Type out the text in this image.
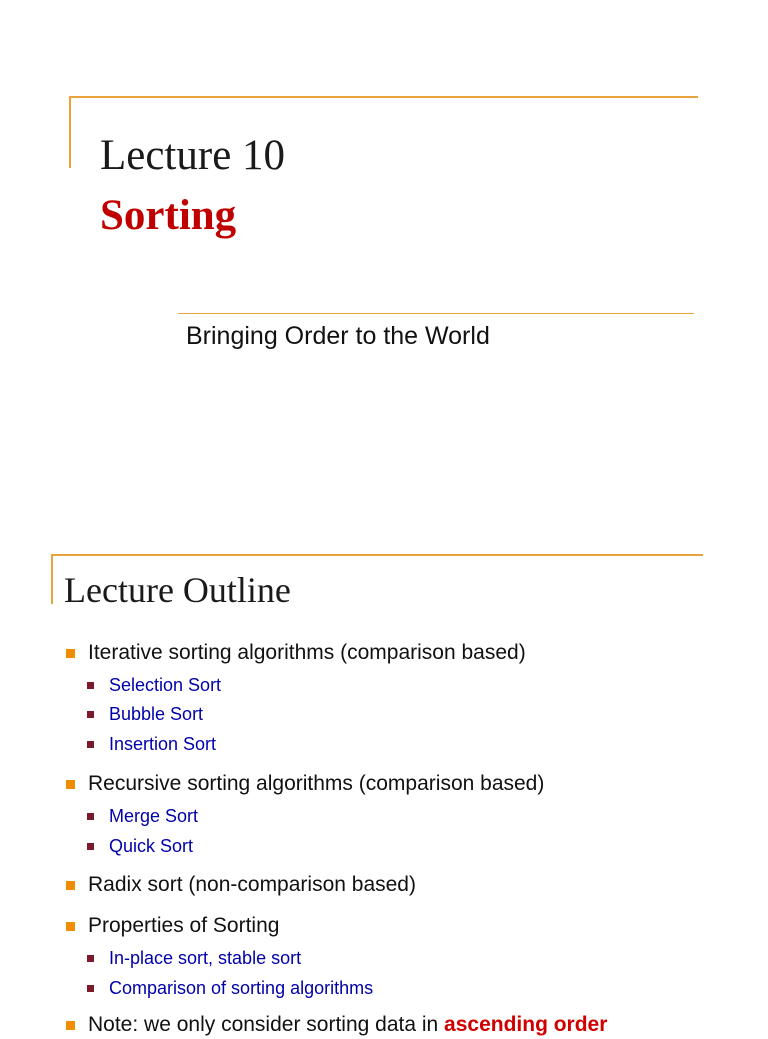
Lecture 10
Sorting

Bringing Order to the World

Lecture Outline
Iterative sorting algorithms (comparison based)
Selection Sort
Bubble Sort
Insertion Sort
Recursive sorting algorithms (comparison based)
Merge Sort
Quick Sort
Radix sort (non-comparison based)
Properties of Sorting
In-place sort, stable sort
Comparison of sorting algorithms
Note: we only consider sorting data in ascending order
